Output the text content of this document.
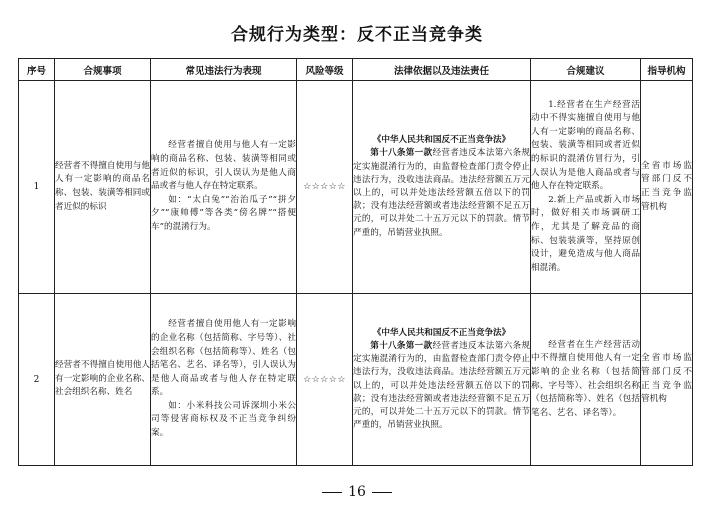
合规行为类型：反不正当竞争类
序号	合规事项	常见违法行为表现	风险等级	法律依据以及违法责任	合规建议	指导机构
1	经营者不得擅自使用与他人有一定影响的商品名称、包装、装潢等相同或者近似的标识	经营者擅自使用与他人有一定影响的商品名称、包装、装潢等相同或者近似的标识，引人误认为是他人商品或者与他人存在特定联系。
如：“太白兔”“治治瓜子”“拼夕夕”“康帅傅”等各类“傍名牌”“搭便车”的混淆行为。	☆☆☆☆☆	《中华人民共和国反不正当竞争法》
第十八条第一款经营者违反本法第六条规定实施混淆行为的，由监督检查部门责令停止违法行为，没收违法商品。违法经营额五万元以上的，可以并处违法经营额五倍以下的罚款；没有违法经营额或者违法经营额不足五万元的，可以并处二十五万元以下的罚款。情节严重的，吊销营业执照。	1.经营者在生产经营活动中不得实施擅自使用与他人有一定影响的商品名称、包装、装潢等相同或者近似的标识的混淆仿冒行为，引人误认为是他人商品或者与他人存在特定联系。
2.新上产品或新入市场时，做好相关市场调研工作，尤其是了解竞品的商标、包装装潢等，坚持原创设计，避免造成与他人商品相混淆。	全省市场监管部门反不正当竞争监管机构
2	经营者不得擅自使用他人有一定影响的企业名称、社会组织名称、姓名	经营者擅自使用他人有一定影响的企业名称（包括简称、字号等）、社会组织名称（包括简称等）、姓名（包括笔名、艺名、译名等），引人误认为是他人商品或者与他人存在特定联系。
如：小米科技公司诉深圳小米公司等侵害商标权及不正当竞争纠纷案。	☆☆☆☆☆	《中华人民共和国反不正当竞争法》
第十八条第一款经营者违反本法第六条规定实施混淆行为的，由监督检查部门责令停止违法行为，没收违法商品。违法经营额五万元以上的，可以并处违法经营额五倍以下的罚款；没有违法经营额或者违法经营额不足五万元的，可以并处二十五万元以下的罚款。情节严重的，吊销营业执照。	经营者在生产经营活动中不得擅自使用他人有一定影响的企业名称（包括简称、字号等）、社会组织名称（包括简称等）、姓名（包括笔名、艺名、译名等）。	全省市场监管部门反不正当竞争监管机构
16
